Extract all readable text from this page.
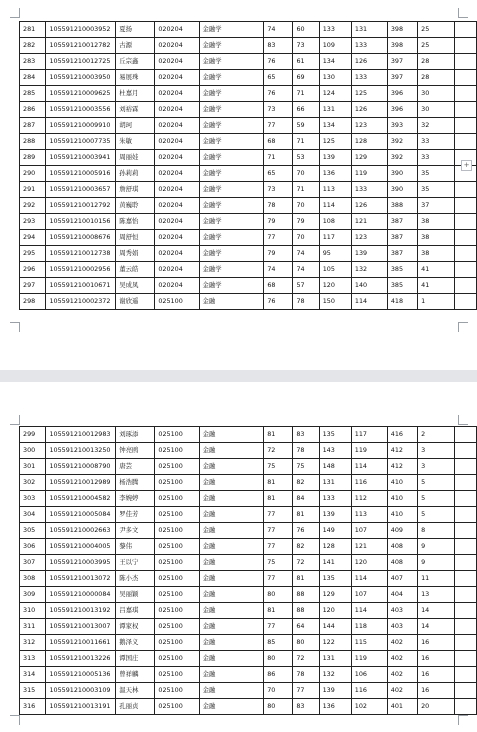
281	105591210003952	夏扬	020204	金融学	74	60	133	131	398	25	
282	105591210012782	古源	020204	金融学	83	73	109	133	398	25	
283	105591210012725	丘宗鑫	020204	金融学	76	61	134	126	397	28	
284	105591210003950	易展珠	020204	金融学	65	69	130	133	397	28	
285	105591210009625	杜嘉月	020204	金融学	76	71	124	125	396	30	
286	105591210003556	刘裕霖	020204	金融学	73	66	131	126	396	30	
287	105591210009910	胡珂	020204	金融学	77	59	134	123	393	32	
288	105591210007735	朱敏	020204	金融学	68	71	125	128	392	33	
289	105591210003941	周丽娃	020204	金融学	71	53	139	129	392	33	
290	105591210005916	孙莉莉	020204	金融学	65	70	136	119	390	35	
291	105591210003657	詹舒琪	020204	金融学	73	71	113	133	390	35	
292	105591210012792	黄巍聆	020204	金融学	78	70	114	126	388	37	
293	105591210010156	陈嘉怡	020204	金融学	79	79	108	121	387	38	
294	105591210008676	周舒恒	020204	金融学	77	70	117	123	387	38	
295	105591210012738	周秀娟	020204	金融学	79	74	95	139	387	38	
296	105591210002956	董云皓	020204	金融学	74	74	105	132	385	41	
297	105591210010671	吴成凤	020204	金融学	68	57	120	140	385	41	
298	105591210002372	谢欣遥	025100	金融	76	78	150	114	418	1	
+
299	105591210012983	刘琢添	025100	金融	81	83	135	117	416	2	
300	105591210013250	钟亮鸥	025100	金融	72	78	143	119	412	3	
301	105591210008790	唐芸	025100	金融	75	75	148	114	412	3	
302	105591210012989	杨浩腾	025100	金融	81	82	131	116	410	5	
303	105591210004582	李婉婷	025100	金融	81	84	133	112	410	5	
304	105591210005084	罗佳芳	025100	金融	77	81	139	113	410	5	
305	105591210002663	尹多文	025100	金融	77	76	149	107	409	8	
306	105591210004005	黎伟	025100	金融	77	82	128	121	408	9	
307	105591210003995	王以宁	025100	金融	75	72	141	120	408	9	
308	105591210013072	陈小杰	025100	金融	77	81	135	114	407	11	
309	105591210000084	吴丽颖	025100	金融	80	88	129	107	404	13	
310	105591210013192	吕嘉琪	025100	金融	81	88	120	114	403	14	
311	105591210013007	谭家权	025100	金融	77	64	144	118	403	14	
312	105591210011661	鹅泽义	025100	金融	85	80	122	115	402	16	
313	105591210013226	谭国庄	025100	金融	80	72	131	119	402	16	
314	105591210005136	曾祥麟	025100	金融	86	78	132	106	402	16	
315	105591210003109	温天林	025100	金融	70	77	139	116	402	16	
316	105591210013191	孔丽贞	025100	金融	80	83	136	102	401	20	
